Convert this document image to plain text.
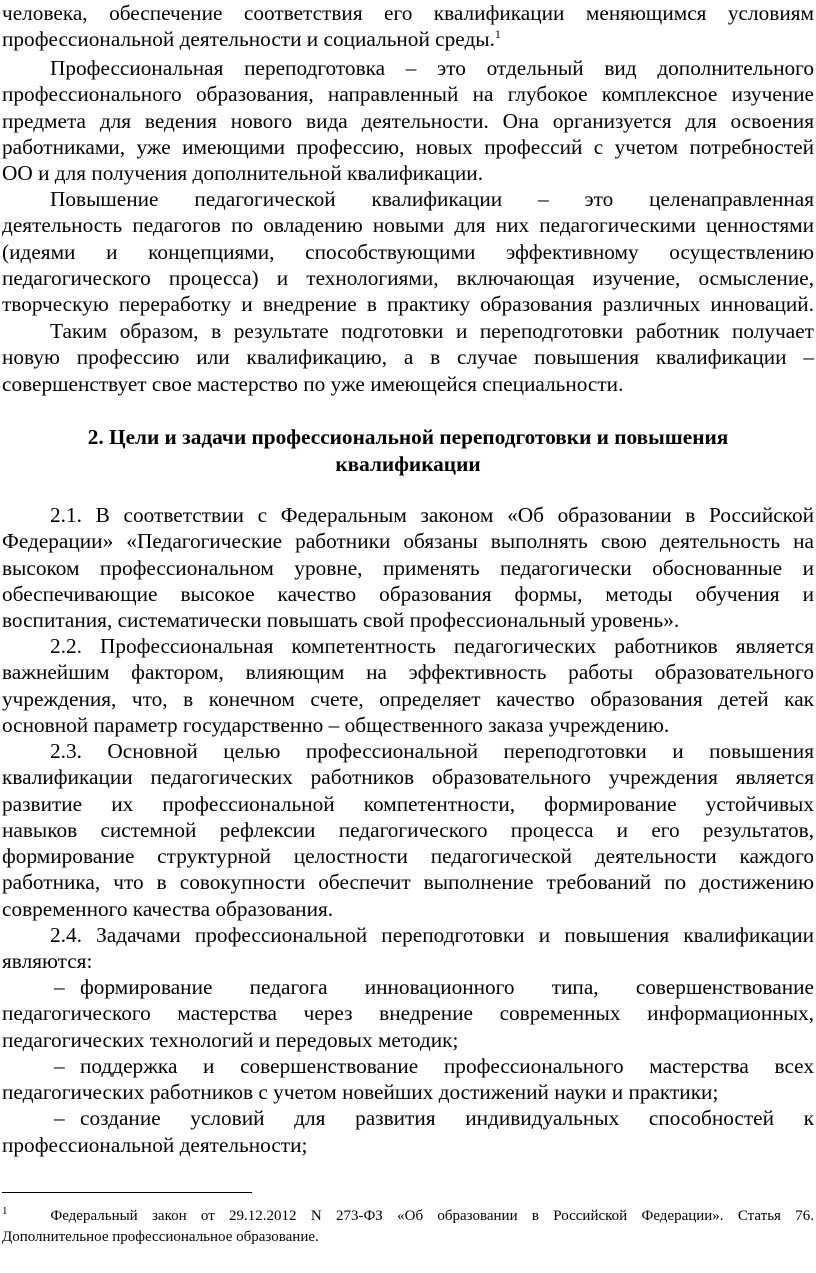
человека, обеспечение соответствия его квалификации меняющимся условиям
профессиональной деятельности и социальной среды.$^1$

Профессиональная переподготовка – это отдельный вид дополнительного
профессионального образования, направленный на глубокое комплексное изучение
предмета для ведения нового вида деятельности. Она организуется для освоения
работниками, уже имеющими профессию, новых профессий с учетом потребностей
ОО и для получения дополнительной квалификации.

Повышение педагогической квалификации – это целенаправленная
деятельность педагогов по овладению новыми для них педагогическими ценностями
(идеями и концепциями, способствующими эффективному осуществлению
педагогического процесса) и технологиями, включающая изучение, осмысление,
творческую переработку и внедрение в практику образования различных инноваций.

Таким образом, в результате подготовки и переподготовки работник получает
новую профессию или квалификацию, а в случае повышения квалификации –
совершенствует свое мастерство по уже имеющейся специальности.

2. Цели и задачи профессиональной переподготовки и повышения
квалификации

2.1. В соответствии с Федеральным законом «Об образовании в Российской
Федерации» «Педагогические работники обязаны выполнять свою деятельность на
высоком профессиональном уровне, применять педагогически обоснованные и
обеспечивающие высокое качество образования формы, методы обучения и
воспитания, систематически повышать свой профессиональный уровень».

2.2. Профессиональная компетентность педагогических работников является
важнейшим фактором, влияющим на эффективность работы образовательного
учреждения, что, в конечном счете, определяет качество образования детей как
основной параметр государственно – общественного заказа учреждению.

2.3. Основной целью профессиональной переподготовки и повышения
квалификации педагогических работников образовательного учреждения является
развитие их профессиональной компетентности, формирование устойчивых
навыков системной рефлексии педагогического процесса и его результатов,
формирование структурной целостности педагогической деятельности каждого
работника, что в совокупности обеспечит выполнение требований по достижению
современного качества образования.

2.4. Задачами профессиональной переподготовки и повышения квалификации
являются:

– формирование педагога инновационного типа, совершенствование
педагогического мастерства через внедрение современных информационных,
педагогических технологий и передовых методик;

– поддержка и совершенствование профессионального мастерства всех
педагогических работников с учетом новейших достижений науки и практики;

– создание условий для развития индивидуальных способностей к
профессиональной деятельности;

$^1$	Федеральный закон от 29.12.2012 N 273-ФЗ «Об образовании в Российской Федерации». Статья 76.
Дополнительное профессиональное образование.
